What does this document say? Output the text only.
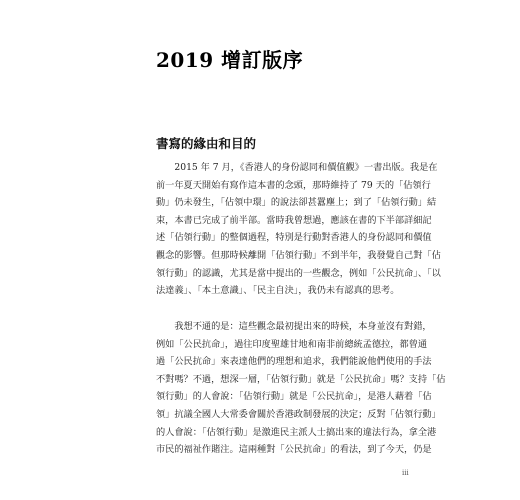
2019 增訂版序
書寫的緣由和目的
　　2015 年 7 月，《香港人的身份認同和價值觀》一書出版。我是在
前一年夏天開始有寫作這本書的念頭，那時維持了 79 天的「佔領行
動」仍未發生，「佔領中環」的說法卻甚囂塵上；到了「佔領行動」結
束，本書已完成了前半部。當時我曾想過，應該在書的下半部詳細記
述「佔領行動」的整個過程，特別是行動對香港人的身份認同和價值
觀念的影響。但那時候離開「佔領行動」不到半年，我發覺自己對「佔
領行動」的認識，尤其是當中提出的一些觀念，例如「公民抗命」、「以
法達義」、「本土意識」、「民主自決」，我仍未有認真的思考。
　　我想不通的是：這些觀念最初提出來的時候，本身並沒有對錯，
例如「公民抗命」，過往印度聖雄甘地和南非前總統孟德拉，都曾通
過「公民抗命」來表達他們的理想和追求，我們能說他們使用的手法
不對嗎？不過，想深一層，「佔領行動」就是「公民抗命」嗎？支持「佔
領行動」的人會說：「佔領行動」就是「公民抗命」，是港人藉着「佔
領」抗議全國人大常委會關於香港政制發展的決定；反對「佔領行動」
的人會說：「佔領行動」是激進民主派人士搞出來的違法行為，拿全港
市民的福祉作賭注。這兩種對「公民抗命」的看法，到了今天，仍是
iii
